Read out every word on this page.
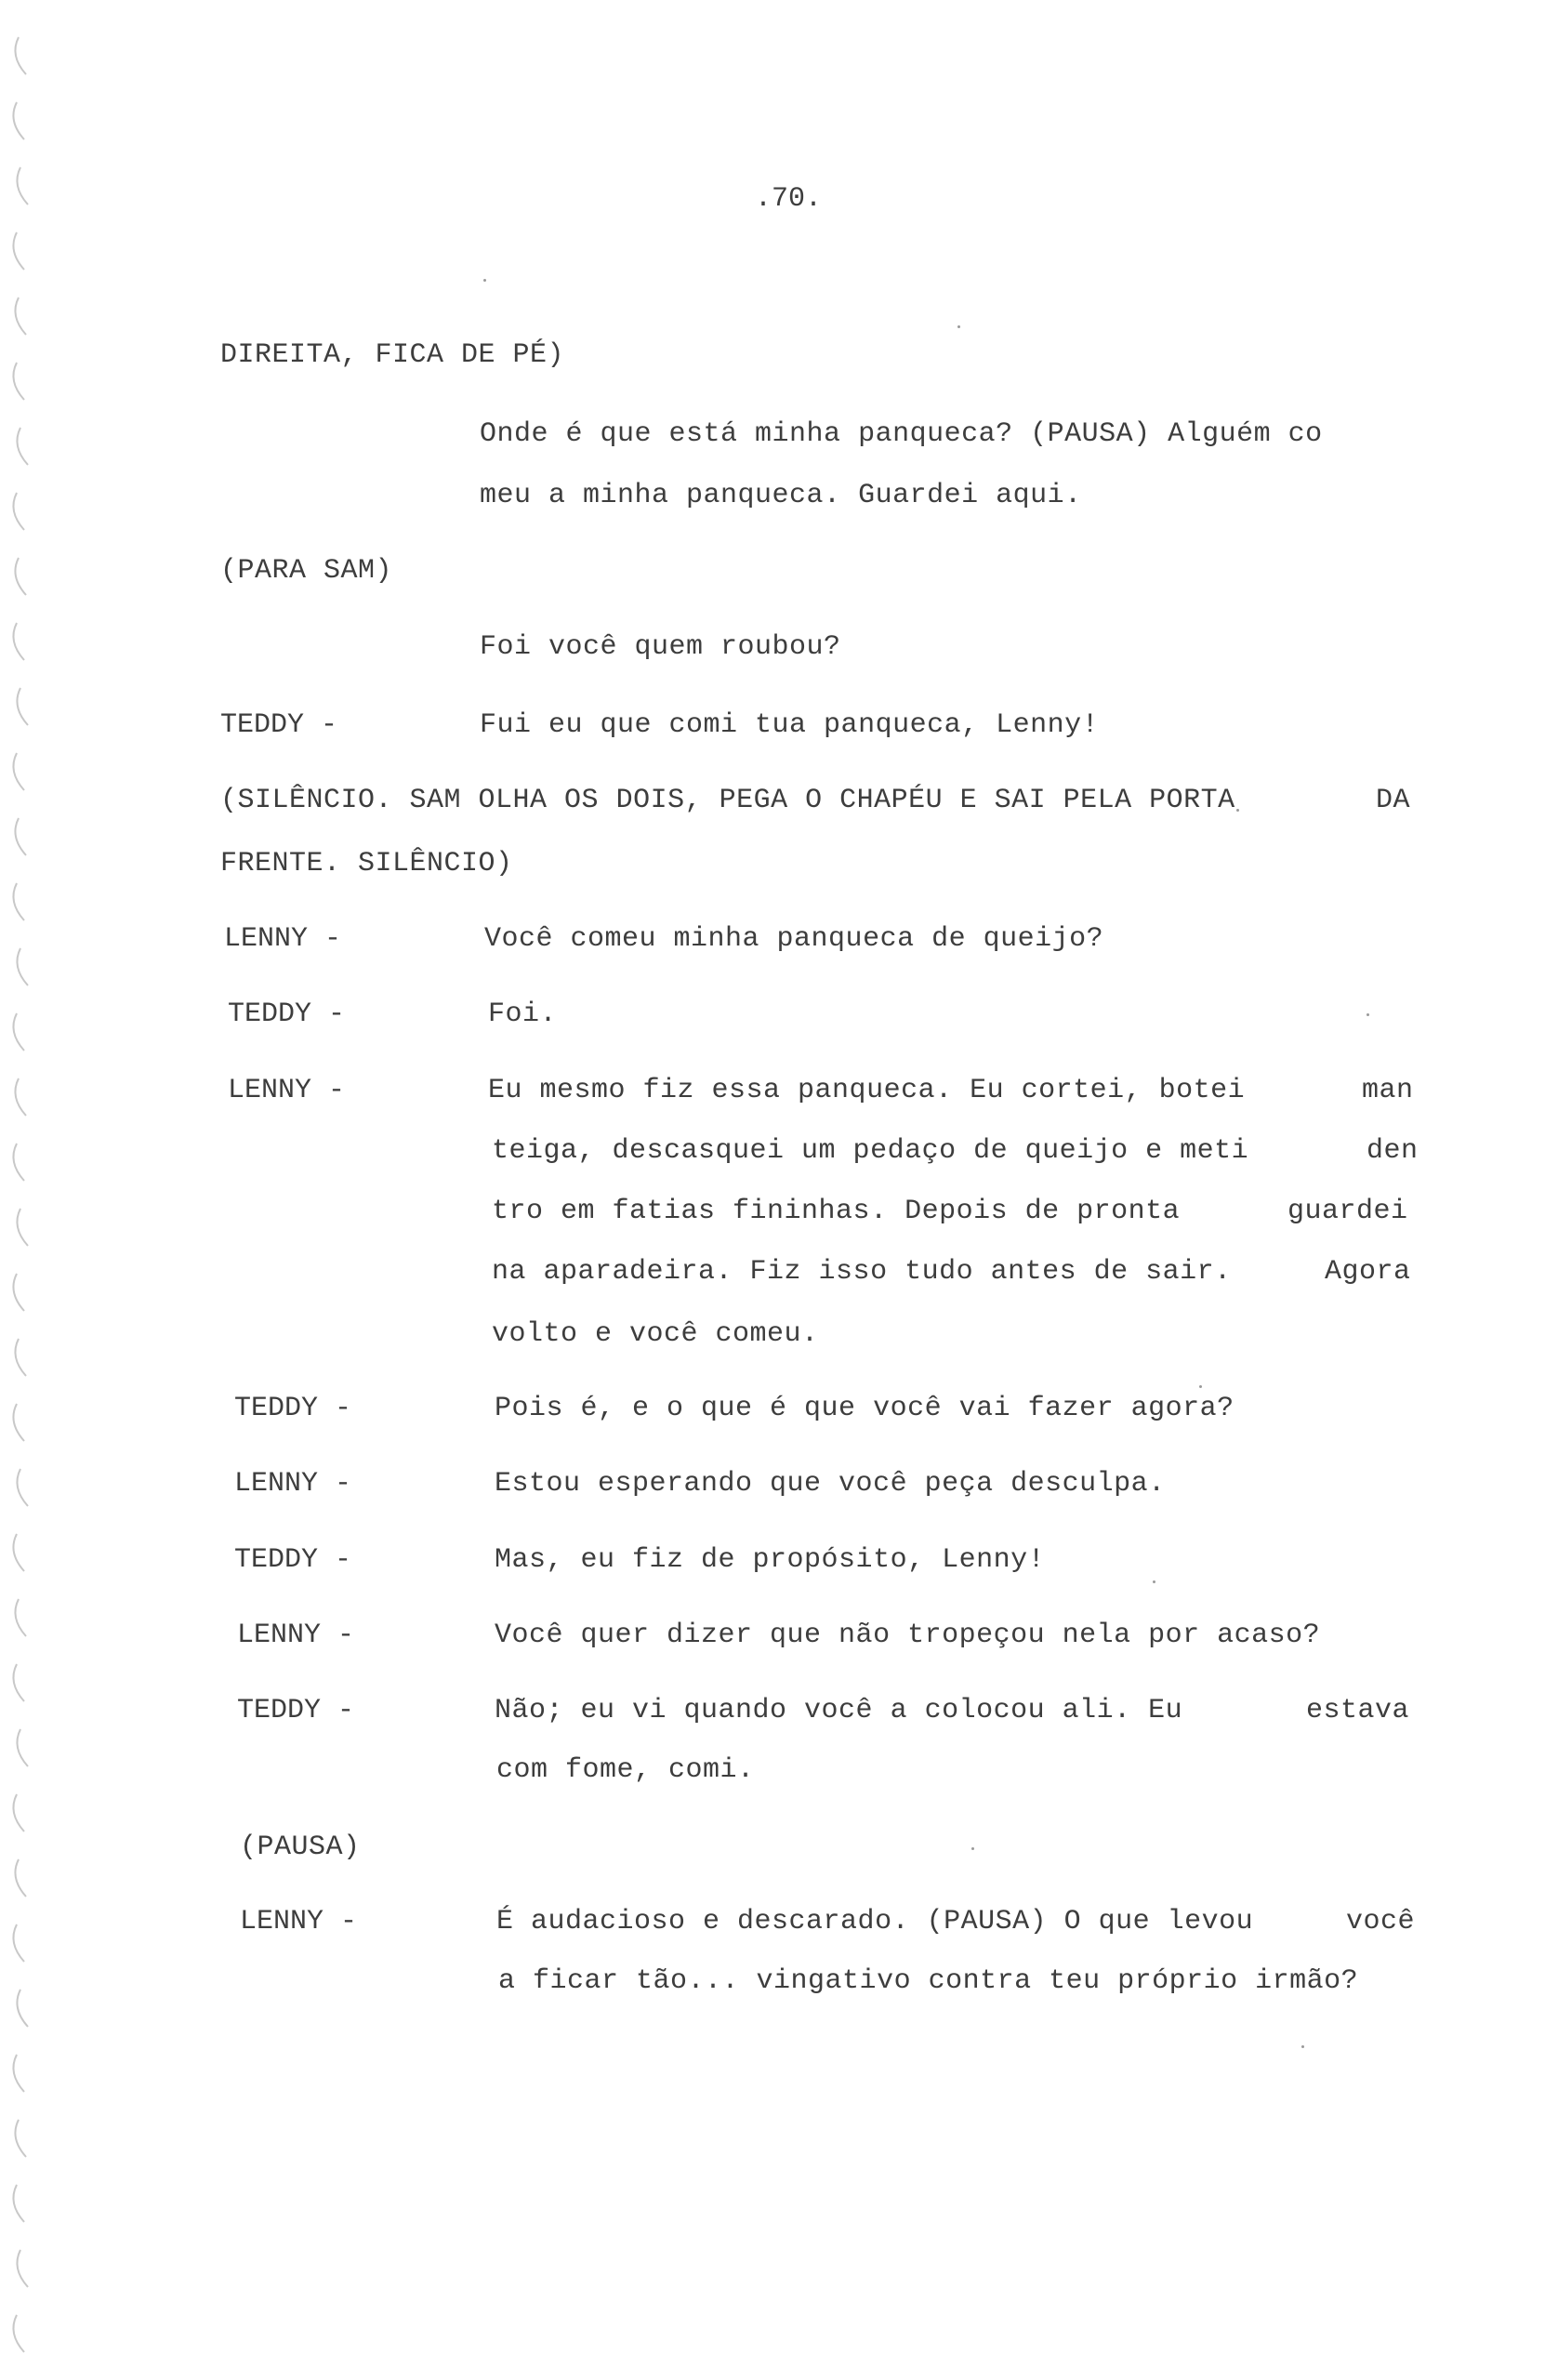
.70.
DIREITA, FICA DE PÉ)
Onde é que está minha panqueca? (PAUSA) Alguém co
meu a minha panqueca. Guardei aqui.
(PARA SAM)
Foi você quem roubou?
TEDDY -	Fui eu que comi tua panqueca, Lenny!
(SILÊNCIO. SAM OLHA OS DOIS, PEGA O CHAPÉU E SAI PELA PORTA	DA
FRENTE. SILÊNCIO)
LENNY -	Você comeu minha panqueca de queijo?
TEDDY -	Foi.
LENNY -	Eu mesmo fiz essa panqueca. Eu cortei, botei	man
teiga, descasquei um pedaço de queijo e meti	den
tro em fatias fininhas. Depois de pronta	guardei
na aparadeira. Fiz isso tudo antes de sair.	Agora
volto e você comeu.
TEDDY -	Pois é, e o que é que você vai fazer agora?
LENNY -	Estou esperando que você peça desculpa.
TEDDY -	Mas, eu fiz de propósito, Lenny!
LENNY -	Você quer dizer que não tropeçou nela por acaso?
TEDDY -	Não; eu vi quando você a colocou ali. Eu	estava
com fome, comi.
(PAUSA)
LENNY -	É audacioso e descarado. (PAUSA) O que levou	você
a ficar tão... vingativo contra teu próprio irmão?
